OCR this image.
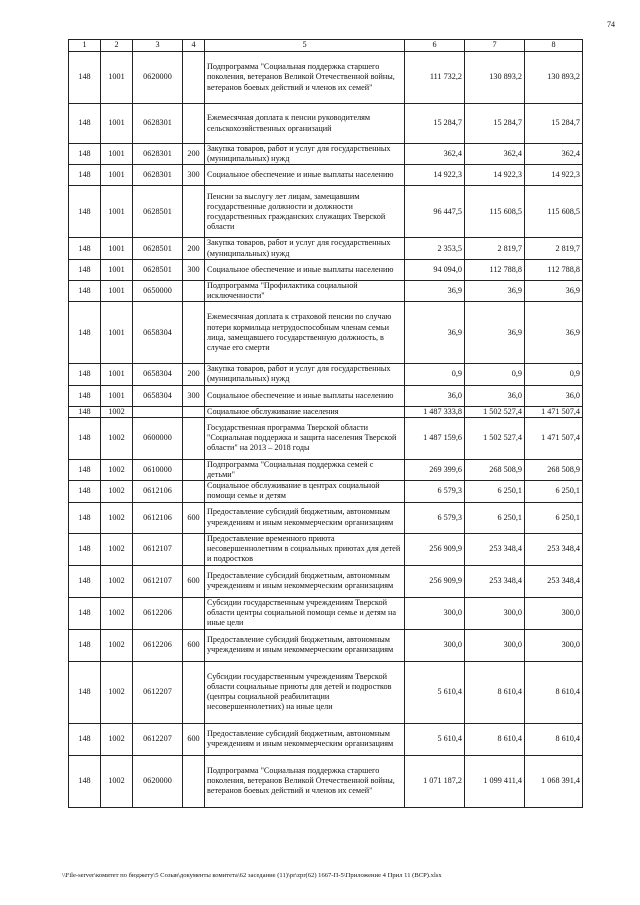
74
1	2	3	4	5	6	7	8
148	1001	0620000		Подпрограмма "Социальная поддержка старшего поколения, ветеранов Великой Отечественной войны, ветеранов боевых действий и членов их семей"	111 732,2	130 893,2	130 893,2
148	1001	0628301		Ежемесячная доплата к пенсии руководителям сельскохозяйственных организаций	15 284,7	15 284,7	15 284,7
148	1001	0628301	200	Закупка товаров, работ и услуг для государственных (муниципальных) нужд	362,4	362,4	362,4
148	1001	0628301	300	Социальное обеспечение и иные выплаты населению	14 922,3	14 922,3	14 922,3
148	1001	0628501		Пенсии за выслугу лет лицам, замещавшим государственные должности и должности государственных гражданских служащих Тверской области	96 447,5	115 608,5	115 608,5
148	1001	0628501	200	Закупка товаров, работ и услуг для государственных (муниципальных) нужд	2 353,5	2 819,7	2 819,7
148	1001	0628501	300	Социальное обеспечение и иные выплаты населению	94 094,0	112 788,8	112 788,8
148	1001	0650000		Подпрограмма "Профилактика социальной исключенности"	36,9	36,9	36,9
148	1001	0658304		Ежемесячная доплата к страховой пенсии по случаю потери кормильца нетрудоспособным членам семьи лица, замещавшего государственную должность, в случае его смерти	36,9	36,9	36,9
148	1001	0658304	200	Закупка товаров, работ и услуг для государственных (муниципальных) нужд	0,9	0,9	0,9
148	1001	0658304	300	Социальное обеспечение и иные выплаты населению	36,0	36,0	36,0
148	1002			Социальное обслуживание населения	1 487 333,8	1 502 527,4	1 471 507,4
148	1002	0600000		Государственная программа Тверской области "Социальная поддержка и защита населения Тверской области" на 2013 – 2018 годы	1 487 159,6	1 502 527,4	1 471 507,4
148	1002	0610000		Подпрограмма "Социальная поддержка семей с детьми"	269 399,6	268 508,9	268 508,9
148	1002	0612106		Социальное обслуживание в центрах социальной помощи семье и детям	6 579,3	6 250,1	6 250,1
148	1002	0612106	600	Предоставление субсидий бюджетным, автономным учреждениям и иным некоммерческим организациям	6 579,3	6 250,1	6 250,1
148	1002	0612107		Предоставление временного приюта несовершеннолетним в социальных приютах для детей и подростков	256 909,9	253 348,4	253 348,4
148	1002	0612107	600	Предоставление субсидий бюджетным, автономным учреждениям и иным некоммерческим организациям	256 909,9	253 348,4	253 348,4
148	1002	0612206		Субсидии государственным учреждениям Тверской области центры социальной помощи семье и детям на иные цели	300,0	300,0	300,0
148	1002	0612206	600	Предоставление субсидий бюджетным, автономным учреждениям и иным некоммерческим организациям	300,0	300,0	300,0
148	1002	0612207		Субсидии государственным учреждениям Тверской области социальные приюты для детей и подростков (центры социальной реабилитации несовершеннолетних) на иные цели	5 610,4	8 610,4	8 610,4
148	1002	0612207	600	Предоставление субсидий бюджетным, автономным учреждениям и иным некоммерческим организациям	5 610,4	8 610,4	8 610,4
148	1002	0620000		Подпрограмма "Социальная поддержка старшего поколения, ветеранов Великой Отечественной войны, ветеранов боевых действий и членов их семей"	1 071 187,2	1 099 411,4	1 068 391,4
\\File-server\комитет по бюджету\5 Созыв\документы комитета\62 заседание (11)\pr\zpr(62) 1667-П-5\Приложение 4 Прил 11 (ВСР).xlsx
